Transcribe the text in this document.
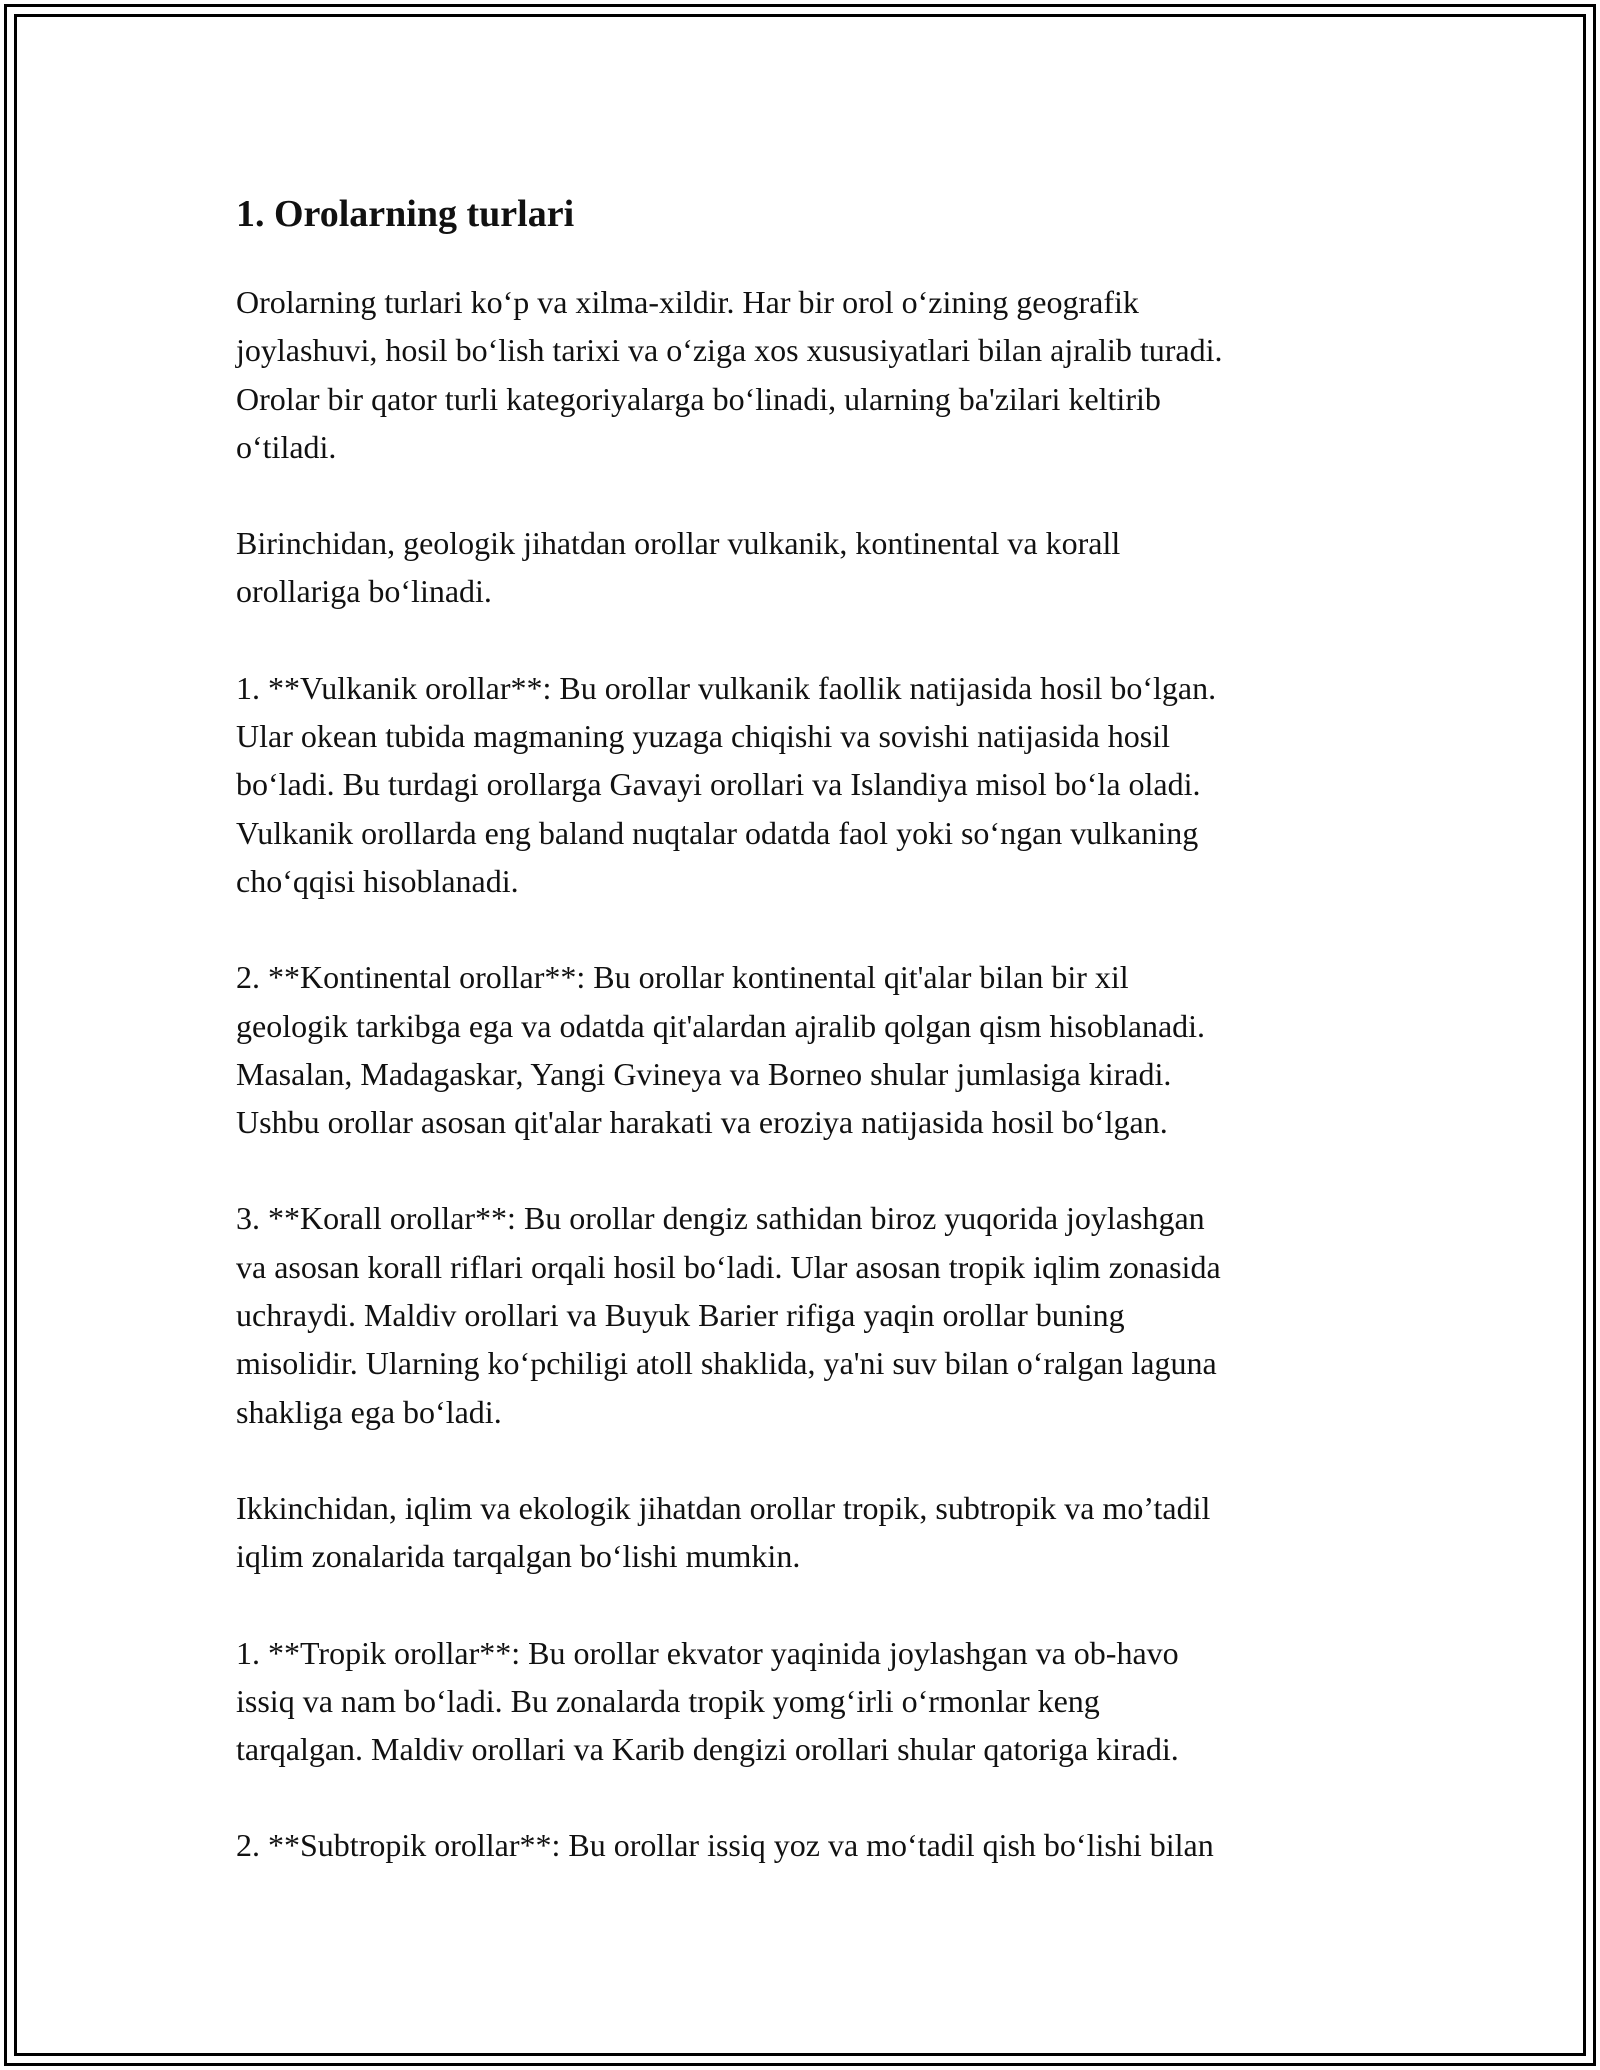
1. Orolarning turlari

Orolarning turlari ko‘p va xilma-xildir. Har bir orol o‘zining geografik
joylashuvi, hosil bo‘lish tarixi va o‘ziga xos xususiyatlari bilan ajralib turadi.
Orolar bir qator turli kategoriyalarga bo‘linadi, ularning ba'zilari keltirib
o‘tiladi.

Birinchidan, geologik jihatdan orollar vulkanik, kontinental va korall
orollariga bo‘linadi.

1. **Vulkanik orollar**: Bu orollar vulkanik faollik natijasida hosil bo‘lgan.
Ular okean tubida magmaning yuzaga chiqishi va sovishi natijasida hosil
bo‘ladi. Bu turdagi orollarga Gavayi orollari va Islandiya misol bo‘la oladi.
Vulkanik orollarda eng baland nuqtalar odatda faol yoki so‘ngan vulkaning
cho‘qqisi hisoblanadi.

2. **Kontinental orollar**: Bu orollar kontinental qit'alar bilan bir xil
geologik tarkibga ega va odatda qit'alardan ajralib qolgan qism hisoblanadi.
Masalan, Madagaskar, Yangi Gvineya va Borneo shular jumlasiga kiradi.
Ushbu orollar asosan qit'alar harakati va eroziya natijasida hosil bo‘lgan.

3. **Korall orollar**: Bu orollar dengiz sathidan biroz yuqorida joylashgan
va asosan korall riflari orqali hosil bo‘ladi. Ular asosan tropik iqlim zonasida
uchraydi. Maldiv orollari va Buyuk Barier rifiga yaqin orollar buning
misolidir. Ularning ko‘pchiligi atoll shaklida, ya'ni suv bilan o‘ralgan laguna
shakliga ega bo‘ladi.

Ikkinchidan, iqlim va ekologik jihatdan orollar tropik, subtropik va mo’tadil
iqlim zonalarida tarqalgan bo‘lishi mumkin.

1. **Tropik orollar**: Bu orollar ekvator yaqinida joylashgan va ob-havo
issiq va nam bo‘ladi. Bu zonalarda tropik yomg‘irli o‘rmonlar keng
tarqalgan. Maldiv orollari va Karib dengizi orollari shular qatoriga kiradi.

2. **Subtropik orollar**: Bu orollar issiq yoz va mo‘tadil qish bo‘lishi bilan
